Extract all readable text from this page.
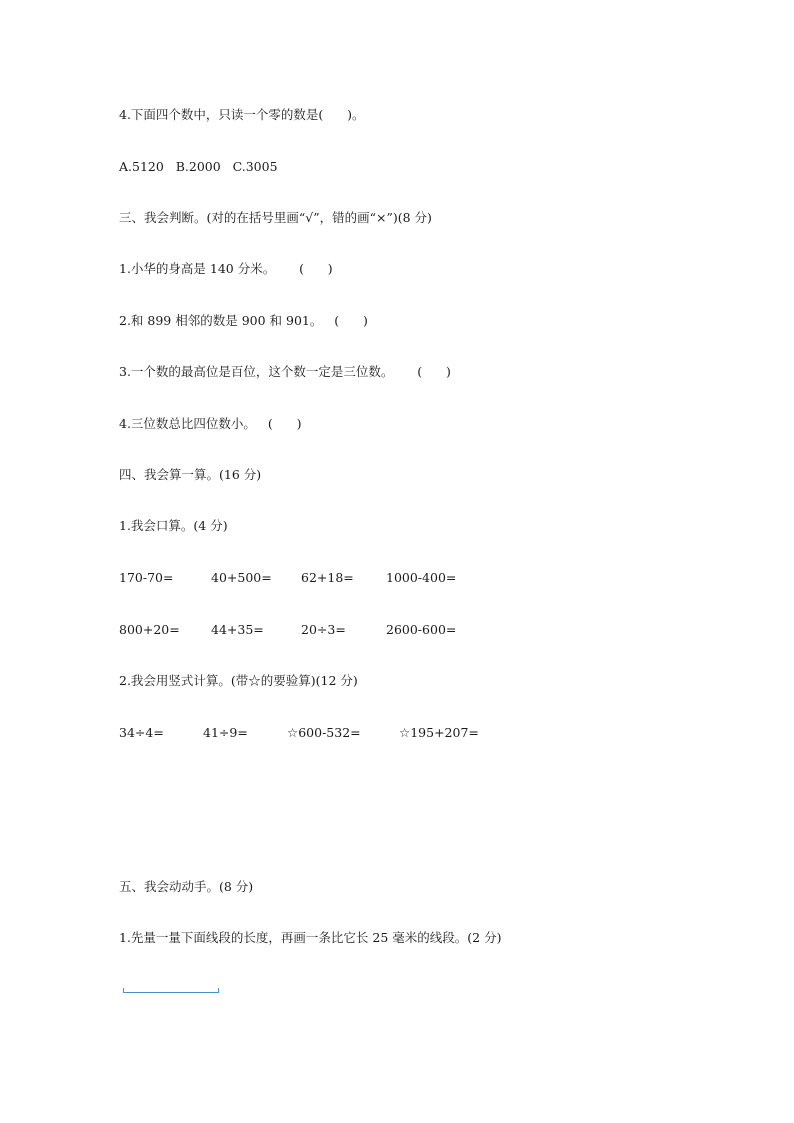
4.下面四个数中，只读一个零的数是(      )。
A.5120   B.2000   C.3005
三、我会判断。(对的在括号里画“√”，错的画“×”)(8 分)
1.小华的身高是 140 分米。      (      )
2.和 899 相邻的数是 900 和 901。   (      )
3.一个数的最高位是百位，这个数一定是三位数。      (      )
4.三位数总比四位数小。   (      )
四、我会算一算。(16 分)
1.我会口算。(4 分)
170-70=	40+500= 62+18=	1000-400=
800+20=	44+35=	20÷3=	2600-600=
2.我会用竖式计算。(带☆的要验算)(12 分)
34÷4=	41÷9=	☆600-532=	☆195+207=
五、我会动动手。(8 分)
1.先量一量下面线段的长度，再画一条比它长 25 毫米的线段。(2 分)
